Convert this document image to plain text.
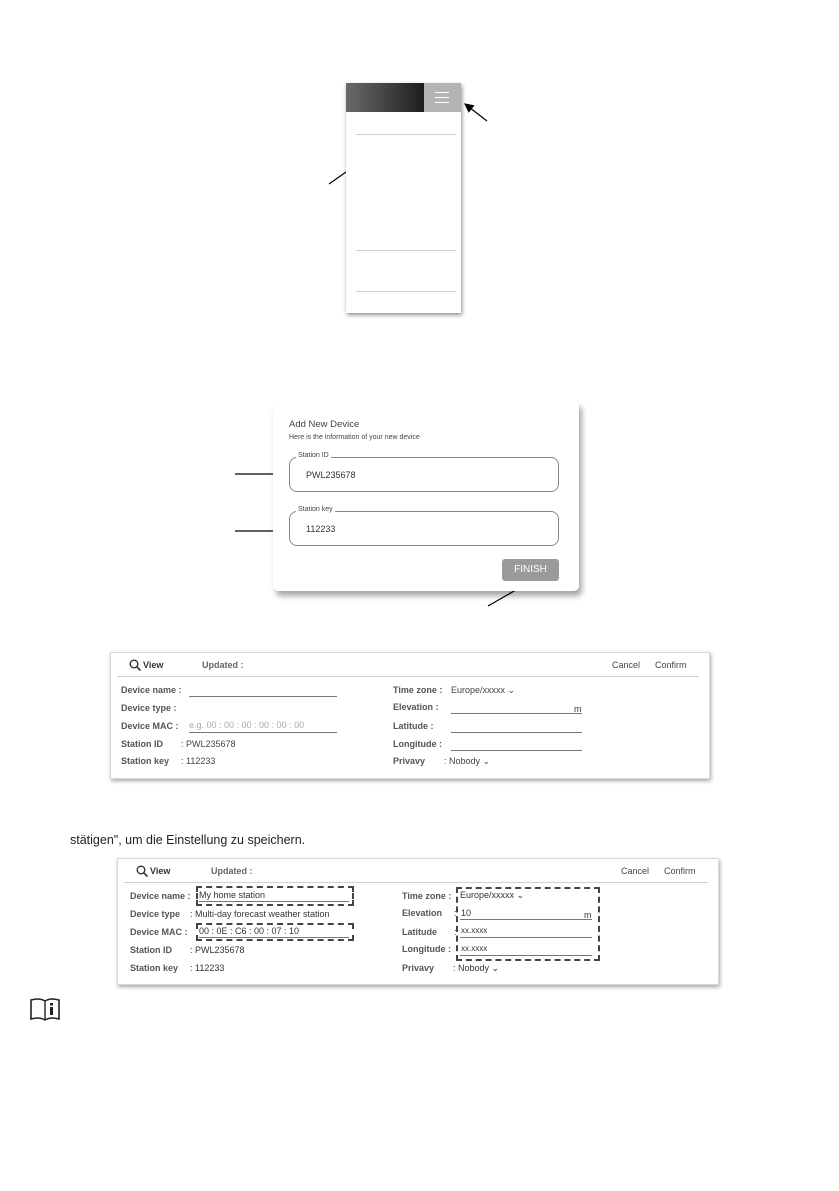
Add New Device
Here is the information of your new device
Station ID
PWL235678
Station key
112233
FINISH
View	Updated :	Cancel Confirm
Device name :
Device type :
Device MAC : e.g. 00 : 00 : 00 : 00 : 00 : 00
Station ID : PWL235678
Station key : 112233
Time zone : Europe/xxxxx ⌄
Elevation :	m
Latitude :
Longitude :
Privavy : Nobody ⌄
stätigen", um die Einstellung zu speichern.
View	Updated :	Cancel Confirm
Device name : My home station
Device type : Multi-day forecast weather station
Device MAC : 00 : 0E : C6 : 00 : 07 : 10
Station ID : PWL235678
Station key : 112233
Time zone : Europe/xxxxx ⌄
Elevation : 10	m
Latitude : xx.xxxx
Longitude : xx.xxxx
Privavy : Nobody ⌄
